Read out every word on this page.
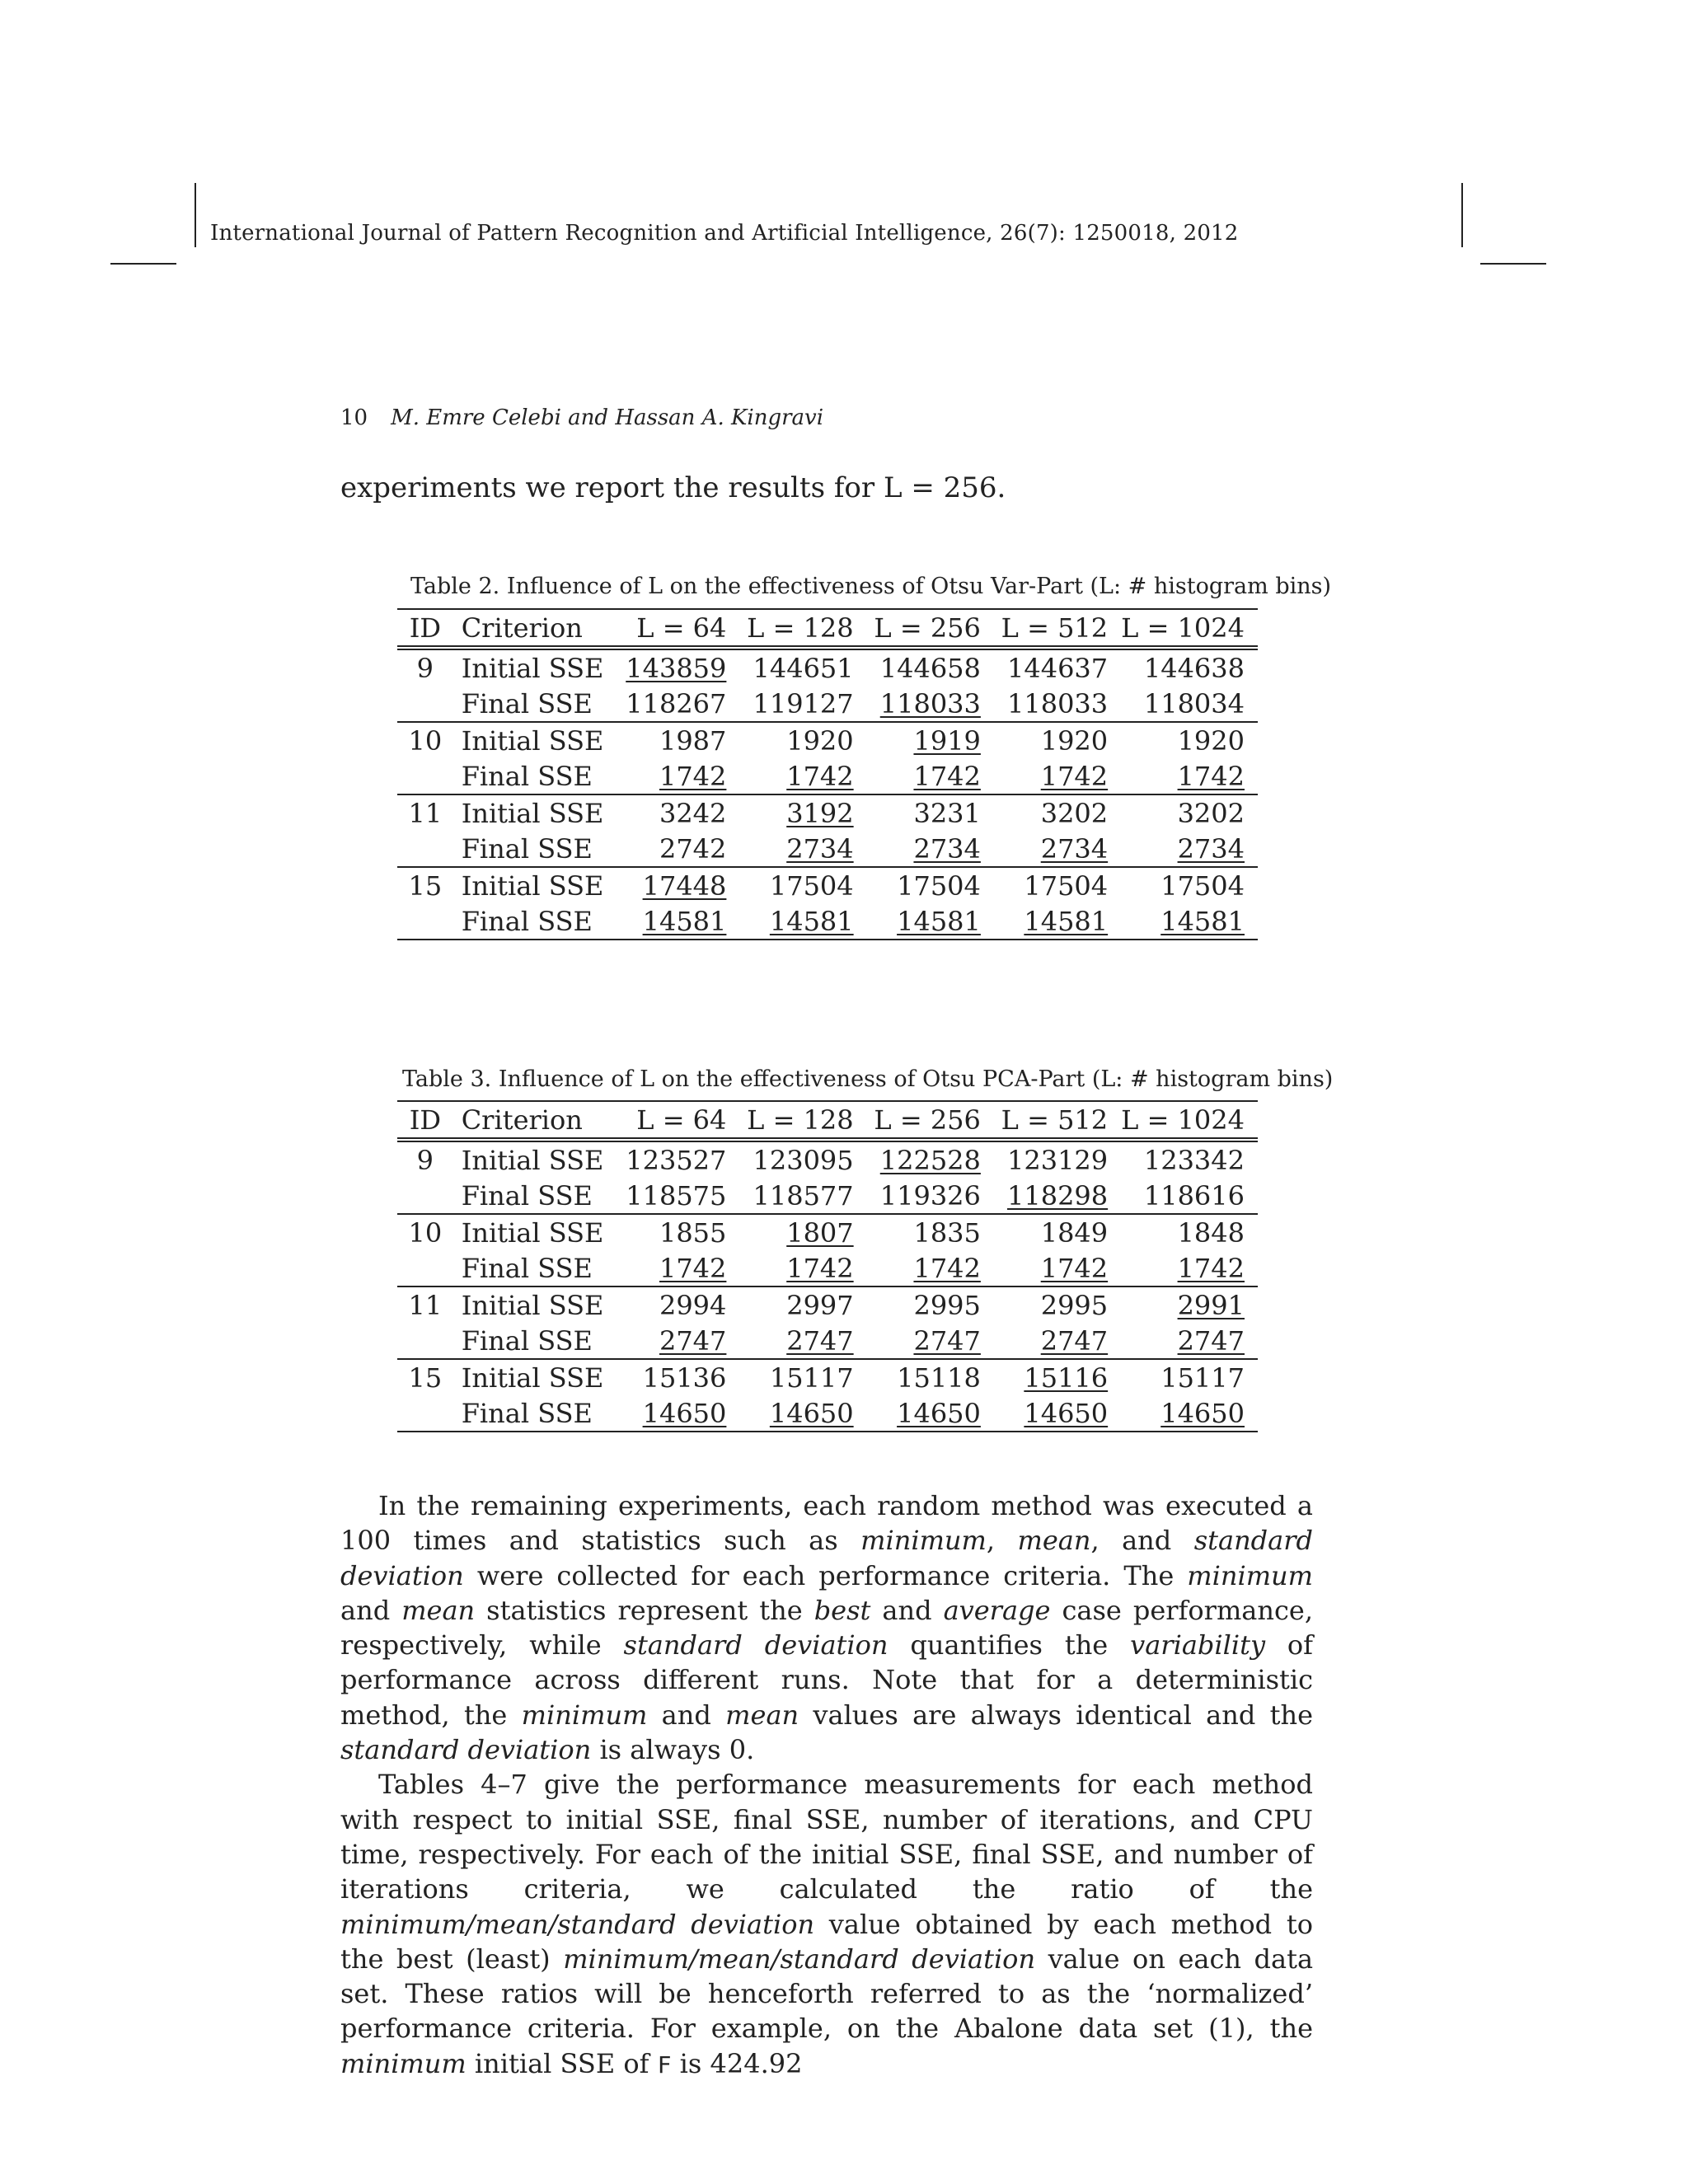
International Journal of Pattern Recognition and Artificial Intelligence, 26(7): 1250018, 2012
10 M. Emre Celebi and Hassan A. Kingravi
experiments we report the results for L = 256.
Table 2. Influence of L on the effectiveness of Otsu Var-Part (L: # histogram bins)
ID	Criterion	L = 64	L = 128	L = 256	L = 512	L = 1024
9	Initial SSE	143859	144651	144658	144637	144638
	Final SSE	118267	119127	118033	118033	118034
10	Initial SSE	1987	1920	1919	1920	1920
	Final SSE	1742	1742	1742	1742	1742
11	Initial SSE	3242	3192	3231	3202	3202
	Final SSE	2742	2734	2734	2734	2734
15	Initial SSE	17448	17504	17504	17504	17504
	Final SSE	14581	14581	14581	14581	14581
Table 3. Influence of L on the effectiveness of Otsu PCA-Part (L: # histogram bins)
ID	Criterion	L = 64	L = 128	L = 256	L = 512	L = 1024
9	Initial SSE	123527	123095	122528	123129	123342
	Final SSE	118575	118577	119326	118298	118616
10	Initial SSE	1855	1807	1835	1849	1848
	Final SSE	1742	1742	1742	1742	1742
11	Initial SSE	2994	2997	2995	2995	2991
	Final SSE	2747	2747	2747	2747	2747
15	Initial SSE	15136	15117	15118	15116	15117
	Final SSE	14650	14650	14650	14650	14650

In the remaining experiments, each random method was executed a 100 times and statistics such as minimum, mean, and standard deviation were collected for each performance criteria. The minimum and mean statistics represent the best and average case performance, respectively, while standard deviation quantifies the variability of performance across different runs. Note that for a deterministic method, the minimum and mean values are always identical and the standard deviation is always 0.

Tables 4–7 give the performance measurements for each method with respect to initial SSE, final SSE, number of iterations, and CPU time, respectively. For each of the initial SSE, final SSE, and number of iterations criteria, we calculated the ratio of the minimum/mean/standard deviation value obtained by each method to the best (least) minimum/mean/standard deviation value on each data set. These ratios will be henceforth referred to as the ‘normalized’ performance criteria. For example, on the Abalone data set (1), the minimum initial SSE of F is 424.92
